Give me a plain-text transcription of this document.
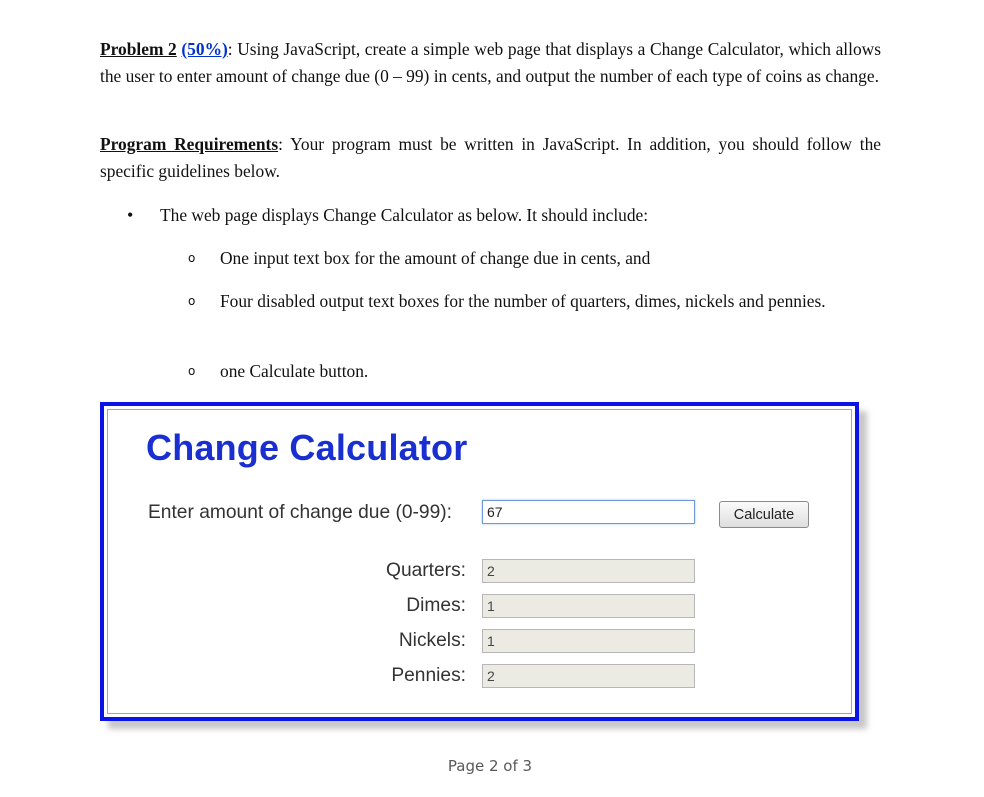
Problem 2 (50%): Using JavaScript, create a simple web page that displays a Change Calculator, which allows the user to enter amount of change due (0 – 99) in cents, and output the number of each type of coins as change.

Program Requirements: Your program must be written in JavaScript. In addition, you should follow the specific guidelines below.

• The web page displays Change Calculator as below. It should include:
o One input text box for the amount of change due in cents, and
o Four disabled output text boxes for the number of quarters, dimes, nickels and pennies.
o one Calculate button.
Change Calculator
Enter amount of change due (0-99):
67	Calculate
Quarters:
2
Dimes:
1
Nickels:
1
Pennies:
2
Page 2 of 3
